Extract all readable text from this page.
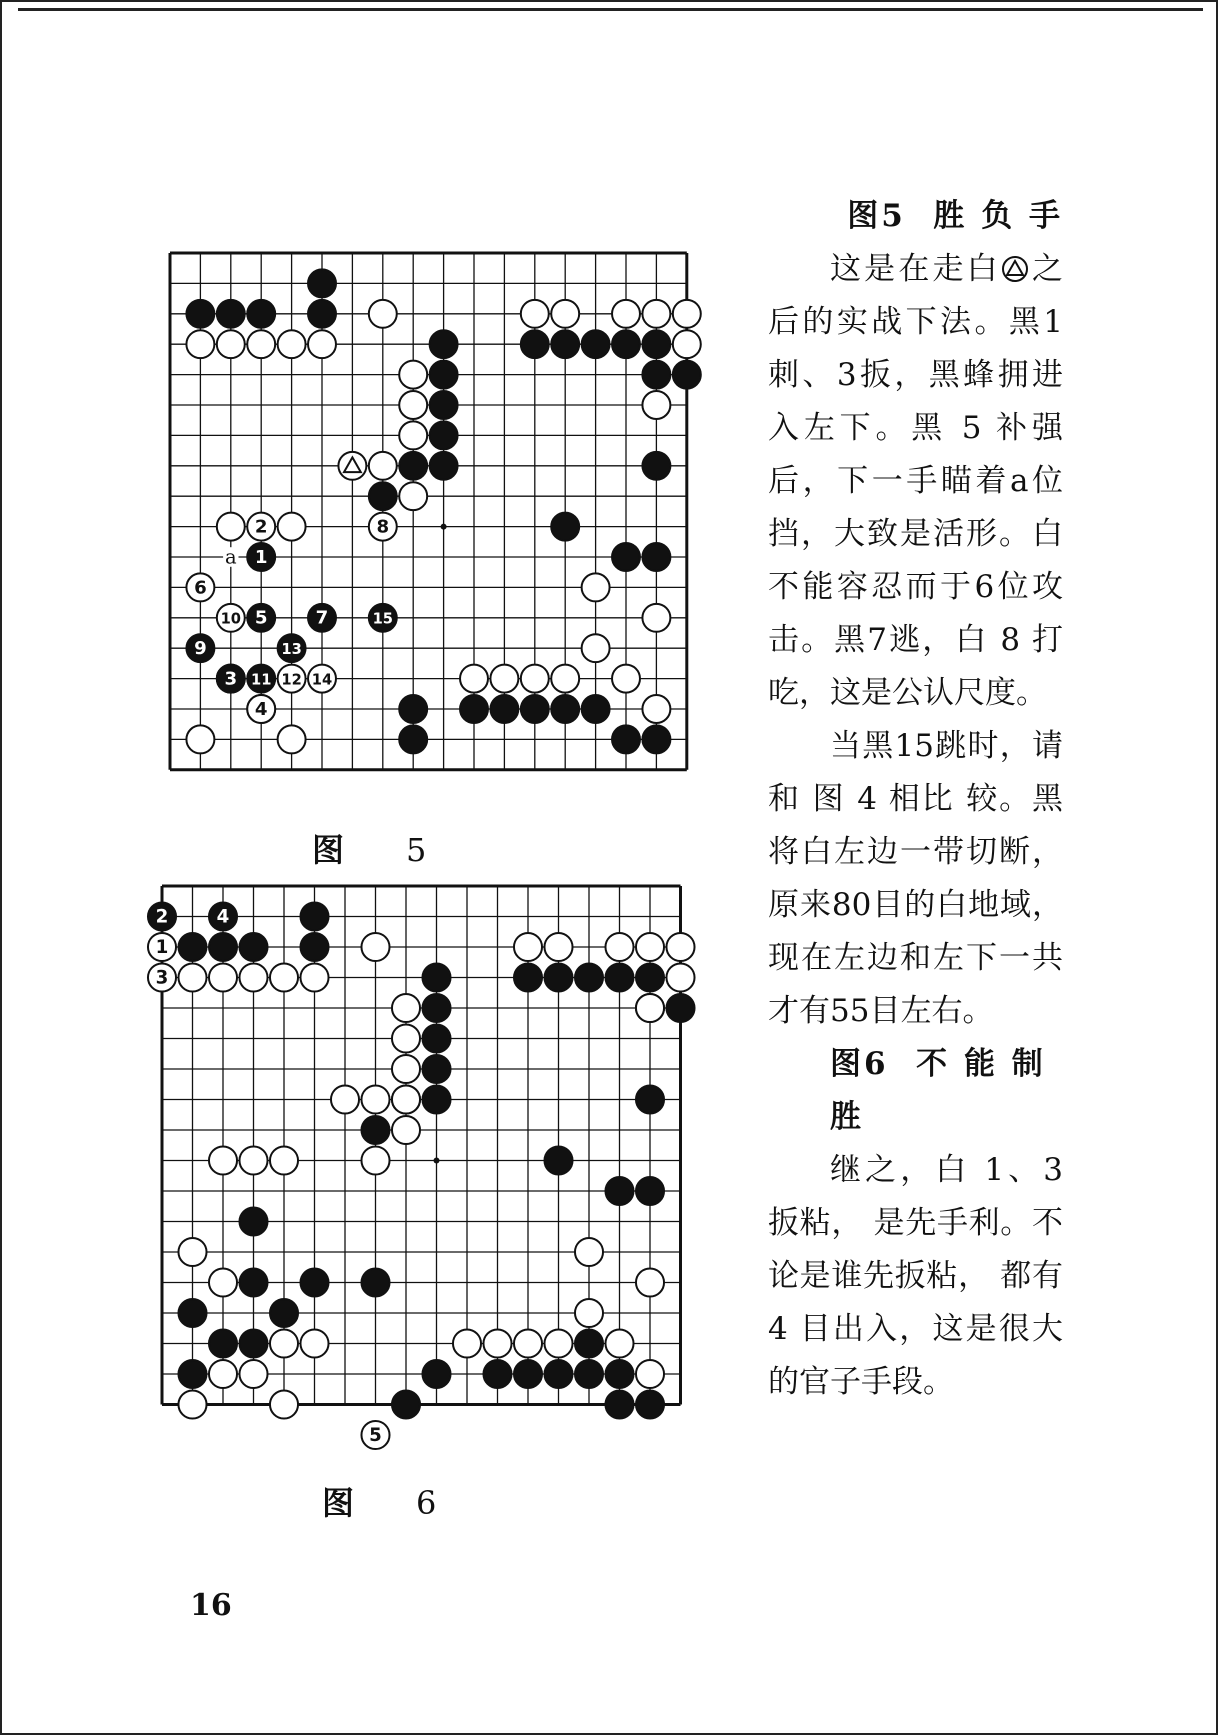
1
2
3
4
5
6
7
8
9
10
11 12
13
14
15
a
图 5
1
2
3
4
5
图 6

图5 胜 负 手

这是在走白 之后的实战下法。黑1刺、3扳，黑蜂拥进入左下。黑 5 补强后，下一手瞄着a位挡，大致是活形。白不能容忍而于6位攻击。黑7逃，白 8 打吃，这是公认尺度。

当黑15跳时，请和 图 4 相比 较。黑将白左边一带切断，原来80目的白地域，现在左边和左下一共才有55目左右。

图6 不 能 制 胜

继之，白 1、3 扳粘， 是先手利。不论是谁先扳粘， 都有 4 目出入，这是很大的官子手段。

16
